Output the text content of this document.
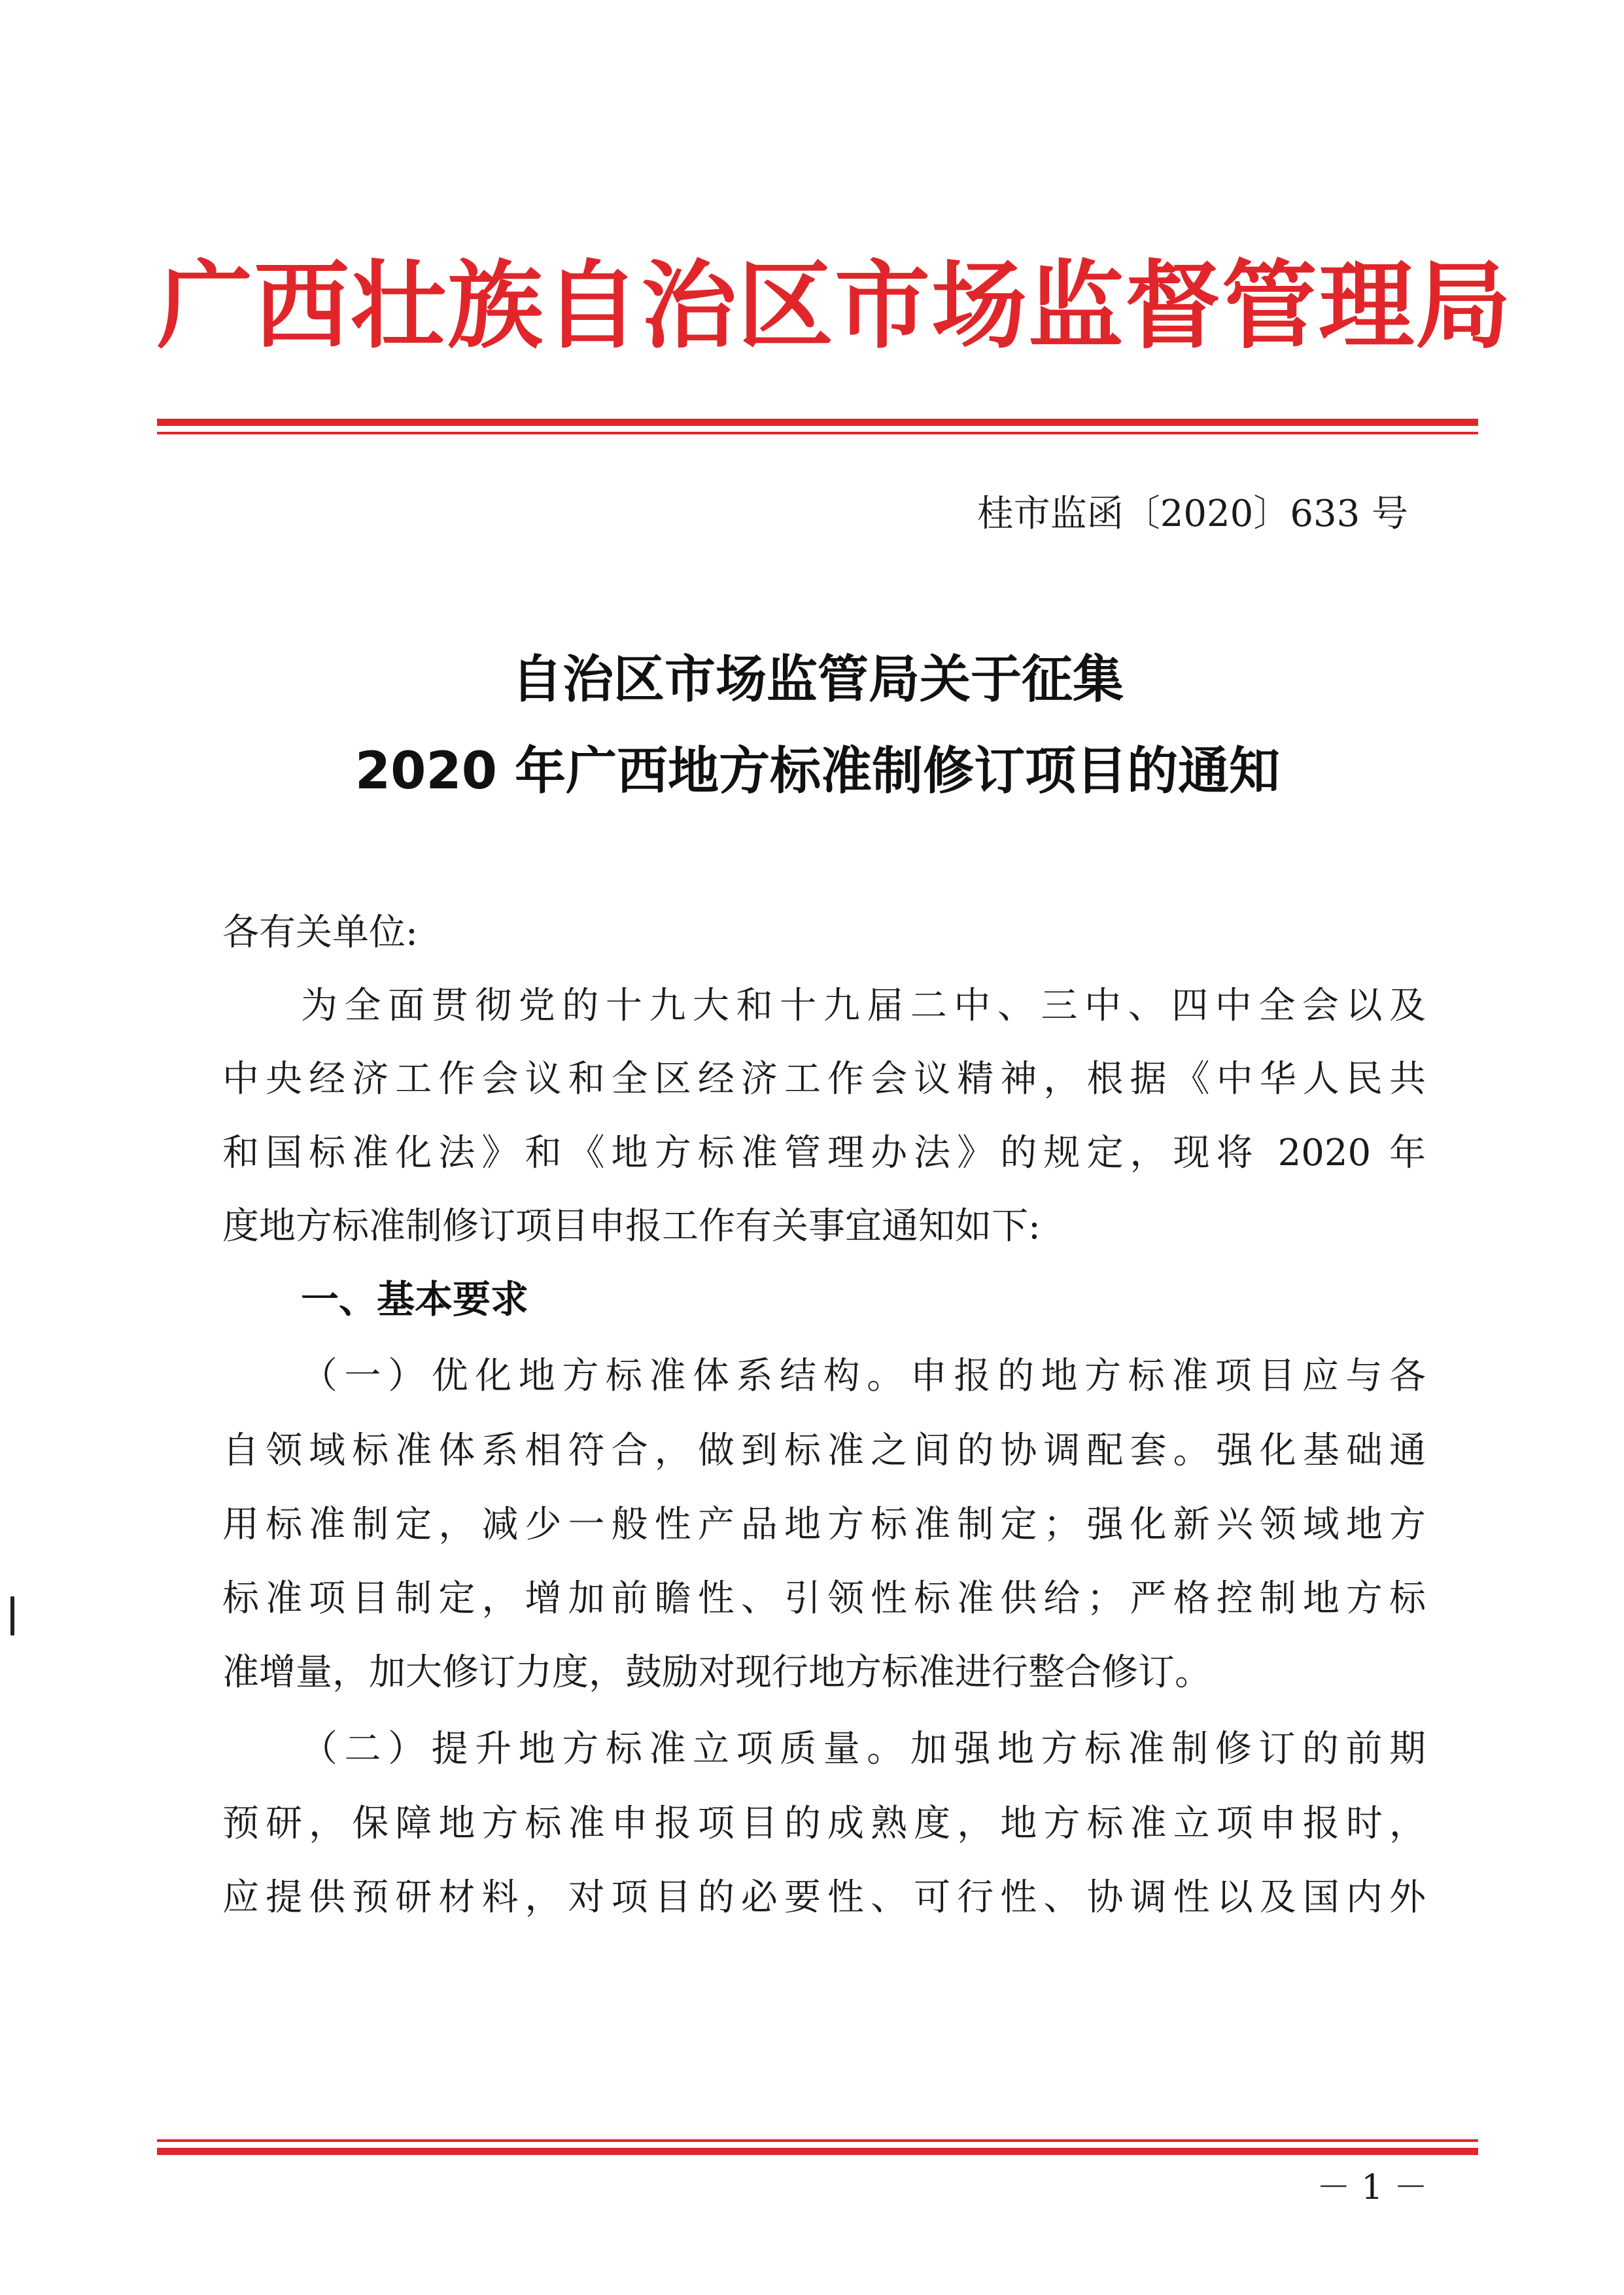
广西壮族自治区市场监督管理局
桂市监函〔2020〕633 号
自治区市场监管局关于征集
2020 年广西地方标准制修订项目的通知
各有关单位:
为全面贯彻党的十九大和十九届二中、三中、四中全会以及
中央经济工作会议和全区经济工作会议精神，根据《中华人民共
和国标准化法》和《地方标准管理办法》的规定，现将 2020 年
度地方标准制修订项目申报工作有关事宜通知如下:
一、基本要求
（一）优化地方标准体系结构。申报的地方标准项目应与各
自领域标准体系相符合，做到标准之间的协调配套。强化基础通
用标准制定，减少一般性产品地方标准制定；强化新兴领域地方
标准项目制定，增加前瞻性、引领性标准供给；严格控制地方标
准增量，加大修订力度，鼓励对现行地方标准进行整合修订。
（二）提升地方标准立项质量。加强地方标准制修订的前期
预研，保障地方标准申报项目的成熟度，地方标准立项申报时，
应提供预研材料，对项目的必要性、可行性、协调性以及国内外
－ 1 －
